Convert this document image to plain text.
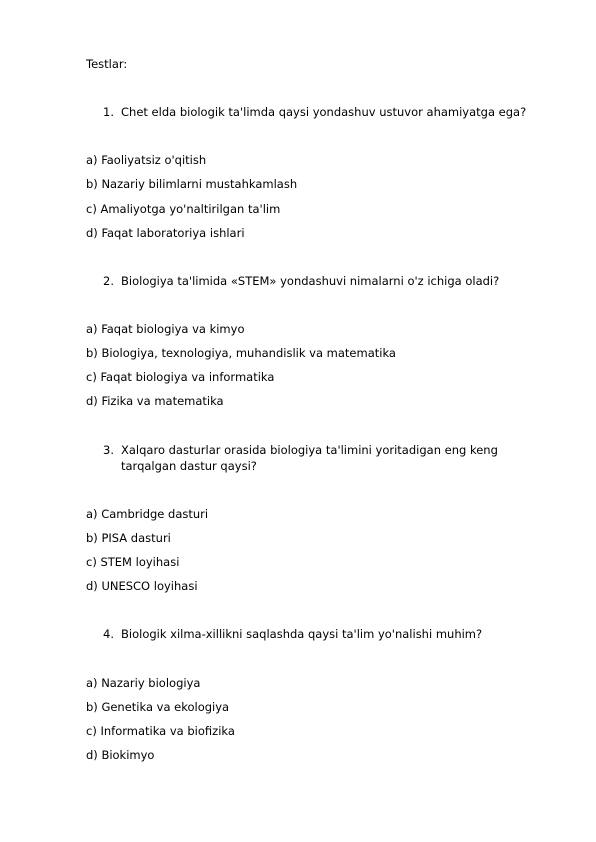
Testlar:
1. Chet elda biologik ta'limda qaysi yondashuv ustuvor ahamiyatga ega?
a) Faoliyatsiz o'qitish
b) Nazariy bilimlarni mustahkamlash
c) Amaliyotga yo'naltirilgan ta'lim
d) Faqat laboratoriya ishlari
2. Biologiya ta'limida «STEM» yondashuvi nimalarni o'z ichiga oladi?
a) Faqat biologiya va kimyo
b) Biologiya, texnologiya, muhandislik va matematika
c) Faqat biologiya va informatika
d) Fizika va matematika
3. Xalqaro dasturlar orasida biologiya ta'limini yoritadigan eng keng tarqalgan dastur qaysi?
a) Cambridge dasturi
b) PISA dasturi
c) STEM loyihasi
d) UNESCO loyihasi
4. Biologik xilma-xillikni saqlashda qaysi ta'lim yo'nalishi muhim?
a) Nazariy biologiya
b) Genetika va ekologiya
c) Informatika va biofizika
d) Biokimyo
